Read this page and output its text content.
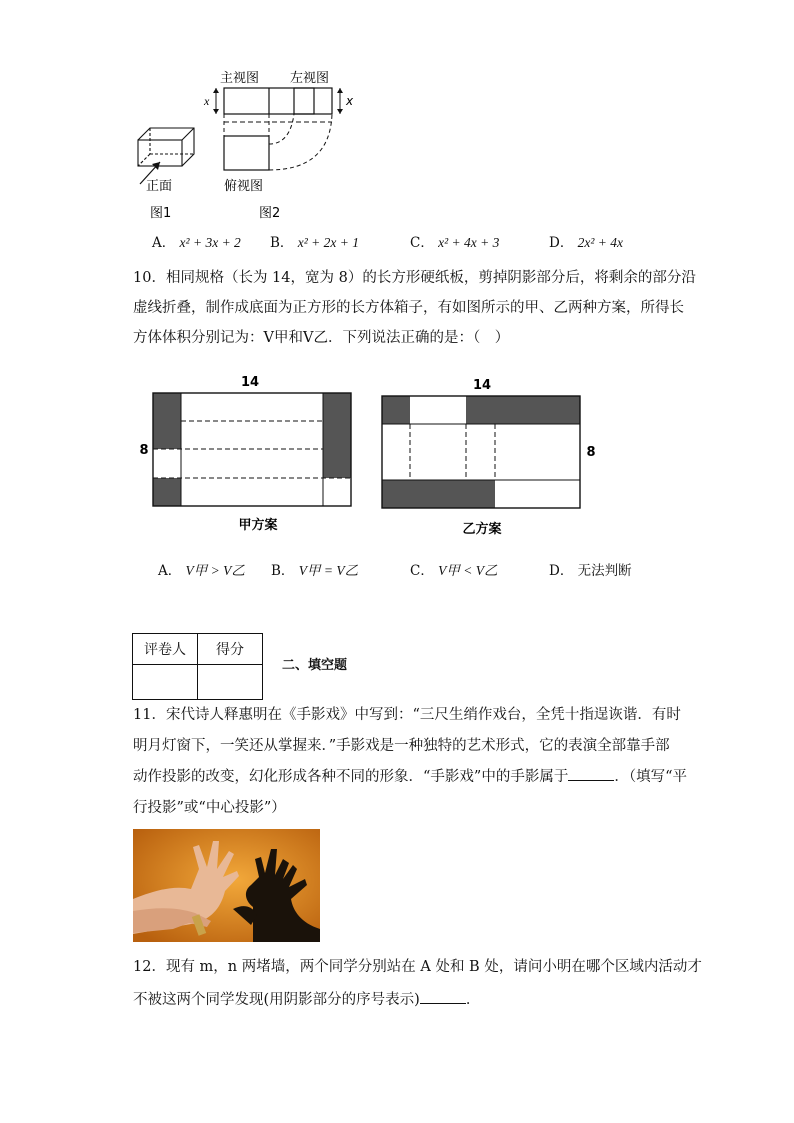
主视图 左视图
x	x
俯视图
正面
图1	图2
A． x² + 3x + 2 B． x² + 2x + 1	C． x² + 4x + 3	D． 2x² + 4x
10．相同规格（长为 14，宽为 8）的长方形硬纸板，剪掉阴影部分后，将剩余的部分沿
虚线折叠，制作成底面为正方形的长方体箱子，有如图所示的甲、乙两种方案，所得长
方体体积分别记为：V甲和V乙．下列说法正确的是：（　）
14
8
甲方案
14
8
乙方案
A． V甲 > V乙 B． V甲 = V乙	C． V甲 < V乙	D． 无法判断
评卷人	得分

二、填空题
11．宋代诗人释惠明在《手影戏》中写到：“三尺生绡作戏台，全凭十指逞诙谐．有时
明月灯窗下，一笑还从掌握来．”手影戏是一种独特的艺术形式，它的表演全部靠手部
动作投影的改变，幻化形成各种不同的形象．“手影戏”中的手影属于	．（填写“平
行投影”或“中心投影”）
12．现有 m，n 两堵墙，两个同学分别站在 A 处和 B 处，请问小明在哪个区域内活动才
不被这两个同学发现(用阴影部分的序号表示)	．
